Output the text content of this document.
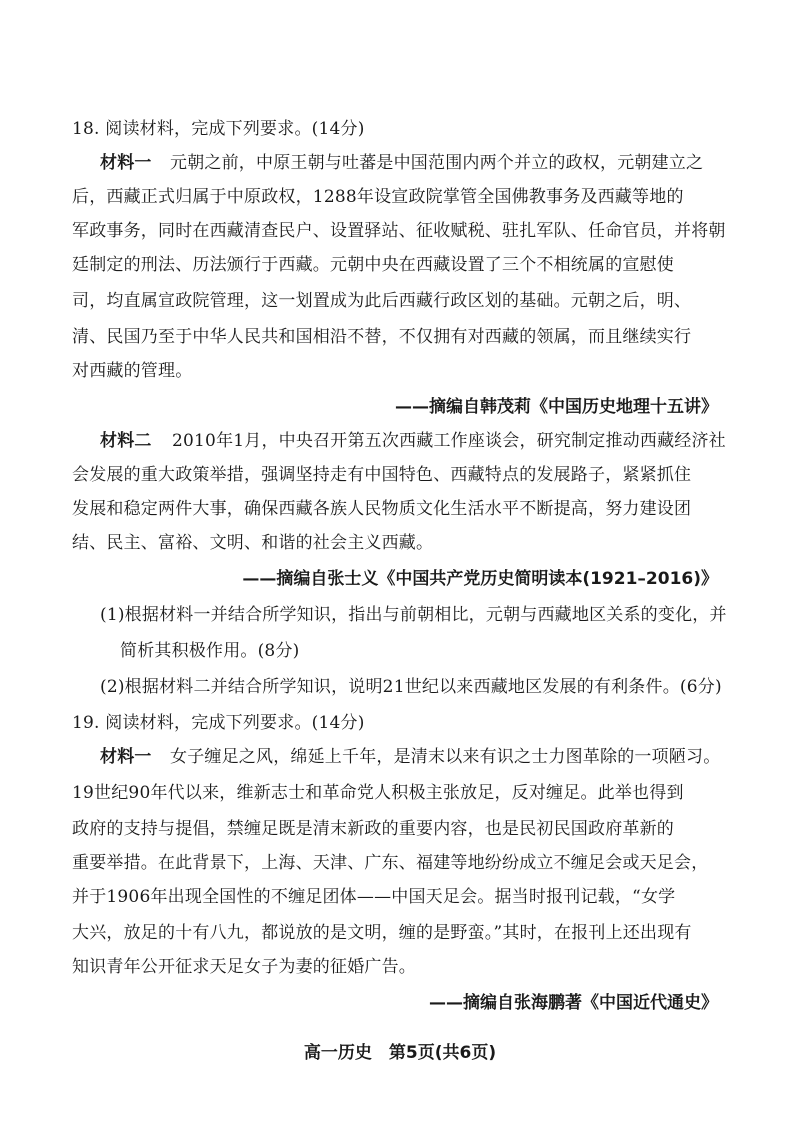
18. 阅读材料，完成下列要求。(14分)
材料一 元朝之前，中原王朝与吐蕃是中国范围内两个并立的政权，元朝建立之
后，西藏正式归属于中原政权，1288年设宣政院掌管全国佛教事务及西藏等地的
军政事务，同时在西藏清查民户、设置驿站、征收赋税、驻扎军队、任命官员，并将朝
廷制定的刑法、历法颁行于西藏。元朝中央在西藏设置了三个不相统属的宣慰使
司，均直属宣政院管理，这一划置成为此后西藏行政区划的基础。元朝之后，明、
清、民国乃至于中华人民共和国相沿不替，不仅拥有对西藏的领属，而且继续实行
对西藏的管理。
——摘编自韩茂莉《中国历史地理十五讲》
材料二 2010年1月，中央召开第五次西藏工作座谈会，研究制定推动西藏经济社
会发展的重大政策举措，强调坚持走有中国特色、西藏特点的发展路子，紧紧抓住
发展和稳定两件大事，确保西藏各族人民物质文化生活水平不断提高，努力建设团
结、民主、富裕、文明、和谐的社会主义西藏。
——摘编自张士义《中国共产党历史简明读本(1921–2016)》
(1)根据材料一并结合所学知识，指出与前朝相比，元朝与西藏地区关系的变化，并
简析其积极作用。(8分)
(2)根据材料二并结合所学知识，说明21世纪以来西藏地区发展的有利条件。(6分)
19. 阅读材料，完成下列要求。(14分)
材料一 女子缠足之风，绵延上千年，是清末以来有识之士力图革除的一项陋习。
19世纪90年代以来，维新志士和革命党人积极主张放足，反对缠足。此举也得到
政府的支持与提倡，禁缠足既是清末新政的重要内容，也是民初民国政府革新的
重要举措。在此背景下，上海、天津、广东、福建等地纷纷成立不缠足会或天足会，
并于1906年出现全国性的不缠足团体——中国天足会。据当时报刊记载，“女学
大兴，放足的十有八九，都说放的是文明，缠的是野蛮。”其时，在报刊上还出现有
知识青年公开征求天足女子为妻的征婚广告。
——摘编自张海鹏著《中国近代通史》
高一历史　第5页(共6页)
